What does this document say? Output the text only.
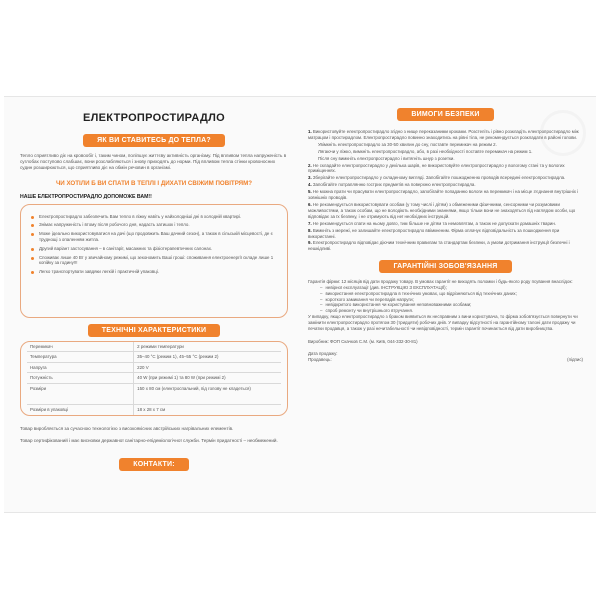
ЕЛЕКТРОПРОСТИРАДЛО
ЯК ВИ СТАВИТЕСЬ ДО ТЕПЛА?
Тепло сприятливо діє на кровообіг і, таким чином, поліпшує життєву активність організму. Під впливом тепла напруженість в суглобах поступово слабшає, вони розслабляються і знову приходять до норми. Під впливом тепла стінки кровоносних судин розширюються, що сприятливо діє на обмін речовин в організмі.
ЧИ ХОТІЛИ Б ВИ СПАТИ В ТЕПЛІ І ДИХАТИ СВІЖИМ ПОВІТРЯМ?
НАШЕ ЕЛЕКТРОПРОСТИРАДЛО ДОПОМОЖЕ ВАМ!!
Електропростирадло забезпечить Вам тепло в ліжку навіть у найхолодніші дні в холодній квартирі.
Знімає напруженість і втому після робочого дня, надасть затишок і тепло.
Може ідеально використовуватися на дачі (що продовжить Ваш дачний сезон), а також в сільській місцевості, де є труднощі з опаленням житла.
Другий варіант застосування – в санітарії, масажних та фізіотерапевтичних салонах.
Споживає лише 40 Вт у звичайному режимі, що зекономить Ваші гроші: споживання електроенергії складе лише 1 копійку за годину!!!
Легко транспортувати завдяки легкій і практичній упаковці.
ТЕХНІЧНІ ХАРАКТЕРИСТИКИ
Перемикач	2 режими температури
Температура	35–40 °С (режим 1), 45–55 °С (режим 2)
Напруга	220 V
Потужність	40 W (при режимі 1) та 80 W (при режимі 2)
Розміри	150 х 80 см (електроспальний, під голову не кладеться)
Розміри в упаковці	18 х 28 х 7 см
Товар виробляється за сучасною технологією з високоякісних австрійських нагрівальних елементів.
Товар сертифікований і має висновки державної санітарно-епідеміологічної служби. Термін придатності – необмежений.
КОНТАКТИ:
ВИМОГИ БЕЗПЕКИ
1. Використовуйте електропростирадло згідно з нище переказаними кроками. Розстеліть і рівно розкладіть електропростирадло між матрацом і простирадлом. Електропростирадло повинно знаходитись на рівні тіла, не рекомендується розкладати в районі голови.
Увімкніть електропростирадло за 30-50 хвилин до сну, поставте перемикач на режим 2.
Лягаючи у ліжко, вимкніть електропростирадло, або, в разі необхідності поставте перемикач на режим 1.
Після сну вимкніть електропростирадло і витягніть шнур з розетки.
2. Не складайте електропростирадло у декілька шарів, не використовуйте електропростирадло у вологому стані та у вологих приміщеннях.
3. Зберігайте електропростирадло у складеному вигляді. Запобігайте пошкодженню проводів всередині електропростирадла.
4. Запобігайте потраплянню гострих предметів на поверхню електропростирадла.
5. Не можна прати чи прасувати електропростирадло, запобігайте попаданню вологи на перемикач і на місце з'єднання внутрішніх і зовнішніх проводів.
6. Не рекомендується використовувати особам (у тому числі і дітям) з обмеженими фізичними, сенсорними чи розумовими можливостями, а також особам, що не володіють необхідними знаннями, якщо тільки вони не знаходяться під наглядом особи, що відповідає за їх безпеку, і не отримують від неї необхідних інструкцій.
7. Не рекомендується спати на ньому довго, тим більше не дітям та немовлятам, а також не допускати домашніх тварин.
8. Вимкніть з мережі, не залишайте електропростирадло ввімкненим. Фірма оплачує відповідальність за пошкодження при використанні.
9. Електропростирадло відповідає діючим технічним правилам та стандартам безпеки, а умови дотримання інструкції безпечні і нешкідливі.
ГАРАНТІЙНІ ЗОБОВ'ЯЗАННЯ
Гарантія фірми: 12 місяців від дати продажу товару. В умовах гарантії не виходять поломки і будь-якого роду псування внаслідок:
– невірної експлуатації (див. ІНСТРУКЦІЮ З ЕКСПЛУАТАЦІЇ);
– використання електропростирадла в технічних умовах, що відрізняються від технічних даних;
– короткого замикання чи перепадів напруги;
– невідкритого використання чи користування неповноважними особами;
– спроб ремонту чи внутрішнього втручання.
У випадку, якщо електропростирадло з браком виявиться як несправним з вини користувача, то фірма зобов'язується повернути чи замінити електропростирадло протягом 30 (тридцяти) робочих днів. У випадку відсутності на гарантійному талоні дати продажу чи печатки продавця, а також у разі нечитабельності чи невідповідності, термін гарантії починається від дати виробництва.
Виробник: ФОП Скачков С.М. (м. Київ, 044-332-30-81)
Дата продажу:
Продавець:	(підпис)
